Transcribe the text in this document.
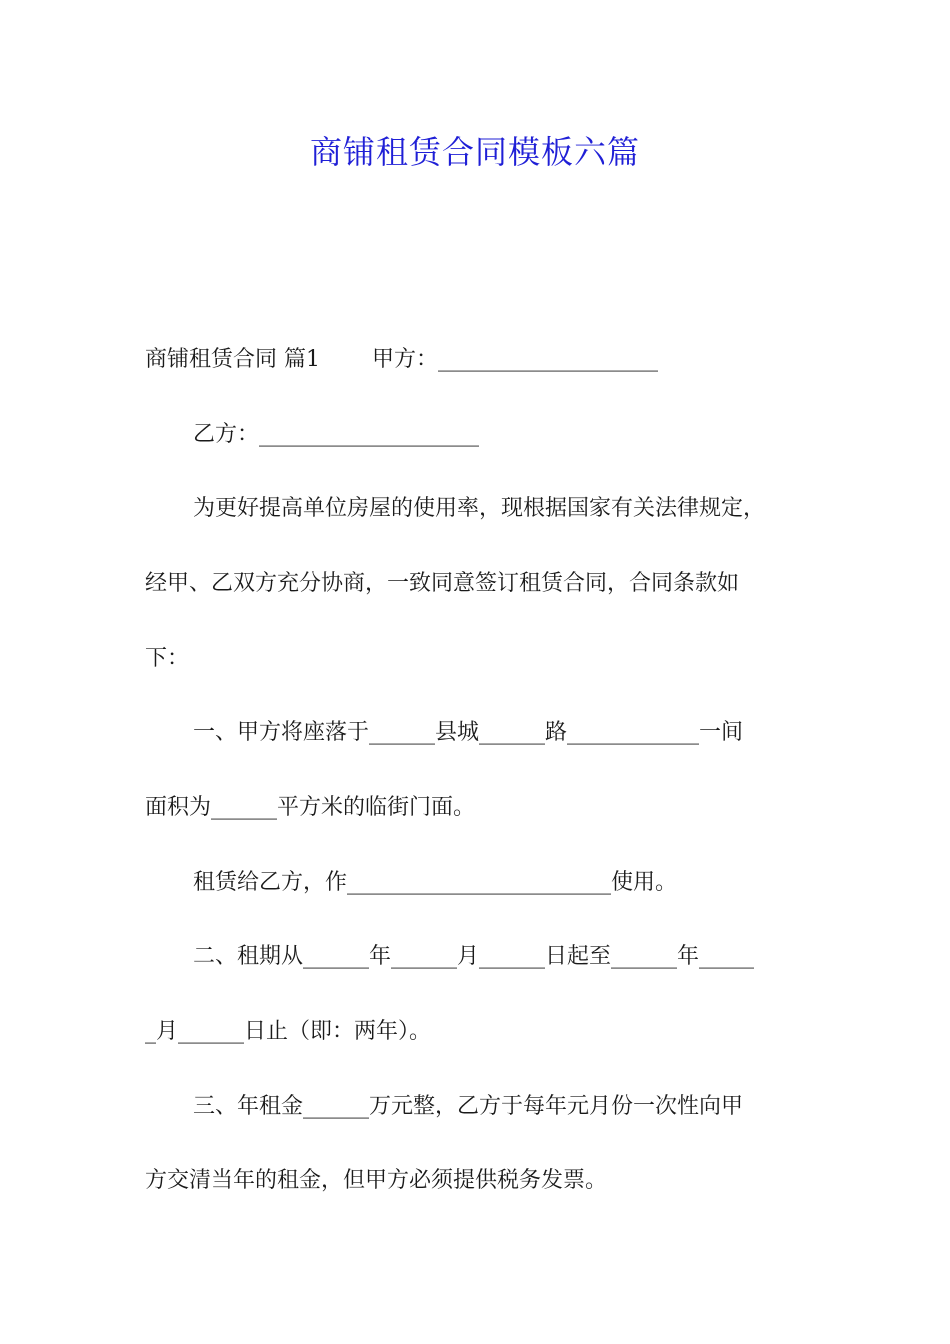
商铺租赁合同模板六篇
商铺租赁合同 篇1 甲方：____________________
乙方：____________________
为更好提高单位房屋的使用率，现根据国家有关法律规定，
经甲、乙双方充分协商，一致同意签订租赁合同，合同条款如
下：
一、甲方将座落于______县城______路____________一间
面积为______平方米的临街门面。
租赁给乙方，作________________________使用。
二、租期从______年______月______日起至______年_____
_月______日止（即：两年）。
三、年租金______万元整，乙方于每年元月份一次性向甲
方交清当年的租金，但甲方必须提供税务发票。
